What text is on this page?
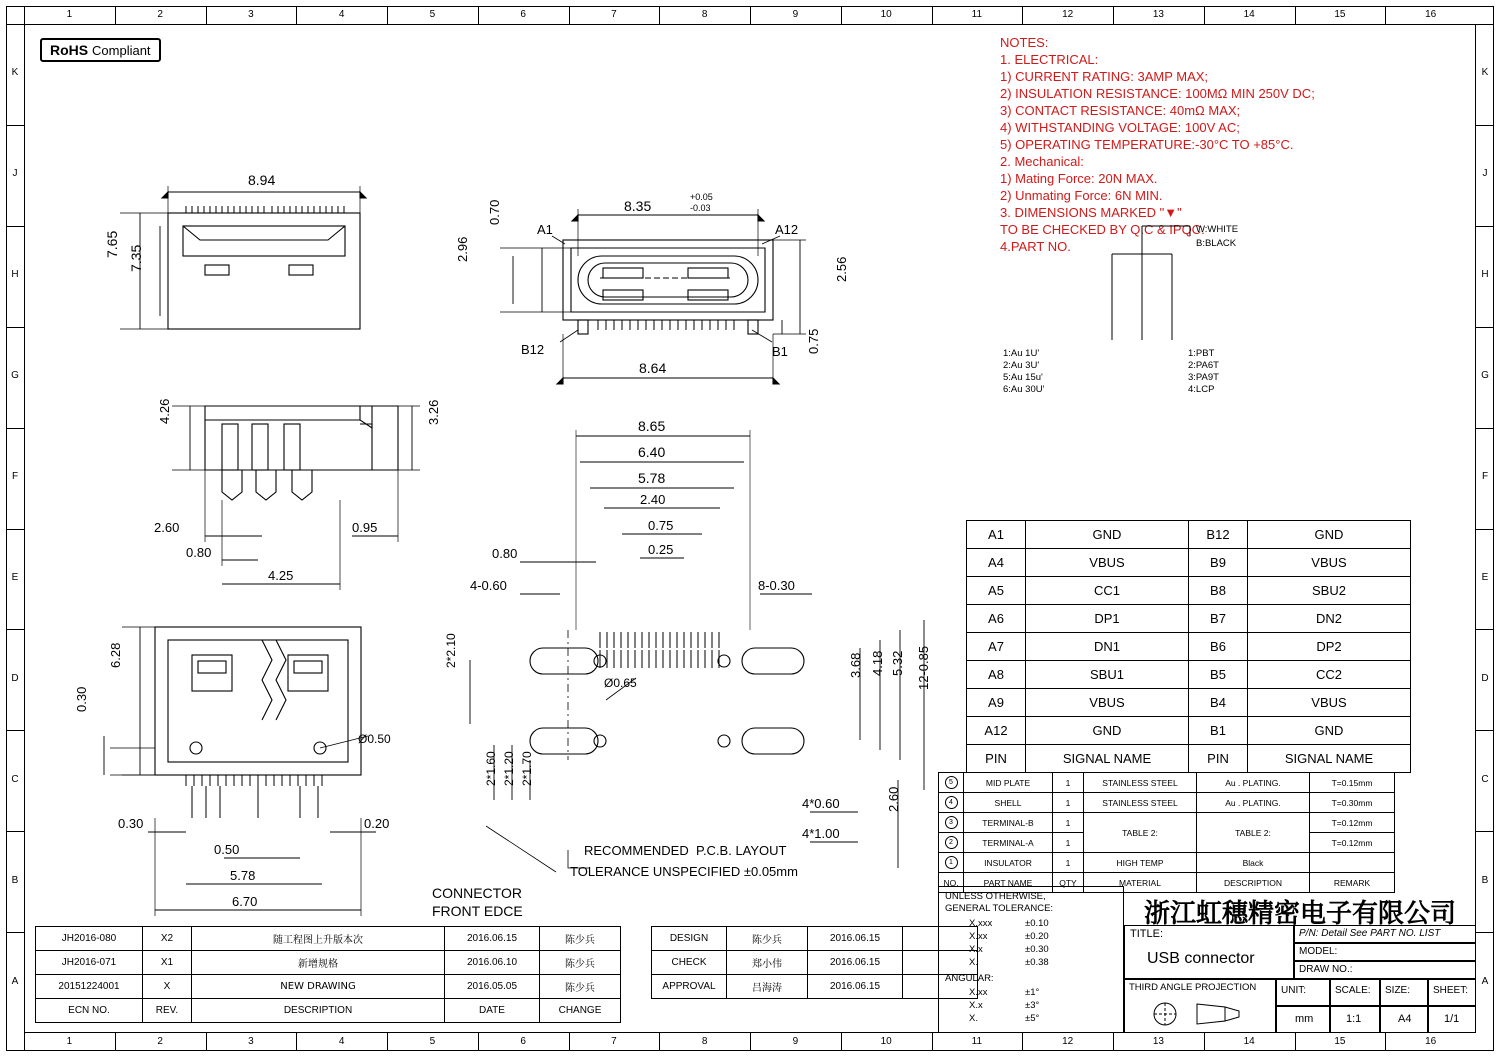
1
1
2
2
3
3
4
4
5
5
6
6
7
7
8
8
9
9
10
10
11
11
12
12
13
13
14
14
15
15
16
16
K	K
J	J
H	H
G	G
F	F
E	E
D	D
C	C
B	B
A	A
RoHS Compliant
NOTES:
1. ELECTRICAL:
1) CURRENT RATING: 3AMP MAX;
2) INSULATION RESISTANCE: 100MΩ MIN 250V DC;
3) CONTACT RESISTANCE: 40mΩ MAX;
4) WITHSTANDING VOLTAGE: 100V AC;
5) OPERATING TEMPERATURE:-30°C TO +85°C.
2. Mechanical:
1) Mating Force: 20N MAX.
2) Unmating Force: 6N MIN.
3. DIMENSIONS MARKED "▼"
TO BE CHECKED BY Q.C & IPQC.
4.PART NO.
W:WHITE
B:BLACK
1:Au 1U'
2:Au 3U'
5:Au 15u'
6:Au 30U'
1:PBT
2:PA6T
3:PA9T
4:LCP
8.94
7.65
7.35
8.35
+0.05
-0.03
0.70
2.96
A1	A12
B12	B1
8.64
2.56
0.75
4.26	3.26
2.60	0.95
0.80
4.25
6.28
0.30
Ø0.50
0.30	0.20
0.50
5.78
6.70
8.65
6.40
5.78
2.40
0.75
0.25
0.80
4-0.60	8-0.30
Ø0.65
2*2.10
2*1.60 2*1.20 2*1.70
4*0.60
4*1.00
2.60
3.68 4.18 5.32 12-0.85
A1	GND	B12	GND
A4	VBUS	B9	VBUS
A5	CC1	B8	SBU2
A6	DP1	B7	DN2
A7	DN1	B6	DP2
A8	SBU1	B5	CC2
A9	VBUS	B4	VBUS
A12	GND	B1	GND
PIN	SIGNAL NAME	PIN	SIGNAL NAME
5	MID PLATE	1	STAINLESS STEEL	Au . PLATING.	T=0.15mm
4	SHELL	1	STAINLESS STEEL	Au . PLATING.	T=0.30mm
3	TERMINAL-B	1	TABLE 2:	TABLE 2:	T=0.12mm
2	TERMINAL-A	1			T=0.12mm
1	INSULATOR	1	HIGH TEMP	Black	
NO.	PART NAME	QTY	MATERIAL	DESCRIPTION	REMARK
JH2016-080	X2	随工程图上升版本次	2016.06.15	陈少兵
JH2016-071	X1	新增规格	2016.06.10	陈少兵
20151224001	X	NEW DRAWING	2016.05.05	陈少兵
ECN NO.	REV.	DESCRIPTION	DATE	CHANGE
DESIGN	陈少兵	2016.06.15	
CHECK	郑小伟	2016.06.15	
APPROVAL	吕海涛	2016.06.15	
UNLESS OTHERWISE,
GENERAL TOLERANCE:
X.xxx	±0.10
X.xx	±0.20
X.x	±0.30
X.	±0.38
ANGULAR:
X.xx	±1°
X.x	±3°
X.	±5°
THIRD ANGLE PROJECTION
浙江虹穗精密电子有限公司
TITLE:
USB connector
P/N: Detail See PART NO. LIST
MODEL:
DRAW NO.:
UNIT:	SCALE: SIZE: SHEET:
mm	1:1	A4	1/1
RECOMMENDED  P.C.B. LAYOUT
TOLERANCE UNSPECIFIED ±0.05mm
CONNECTOR
FRONT EDCE
